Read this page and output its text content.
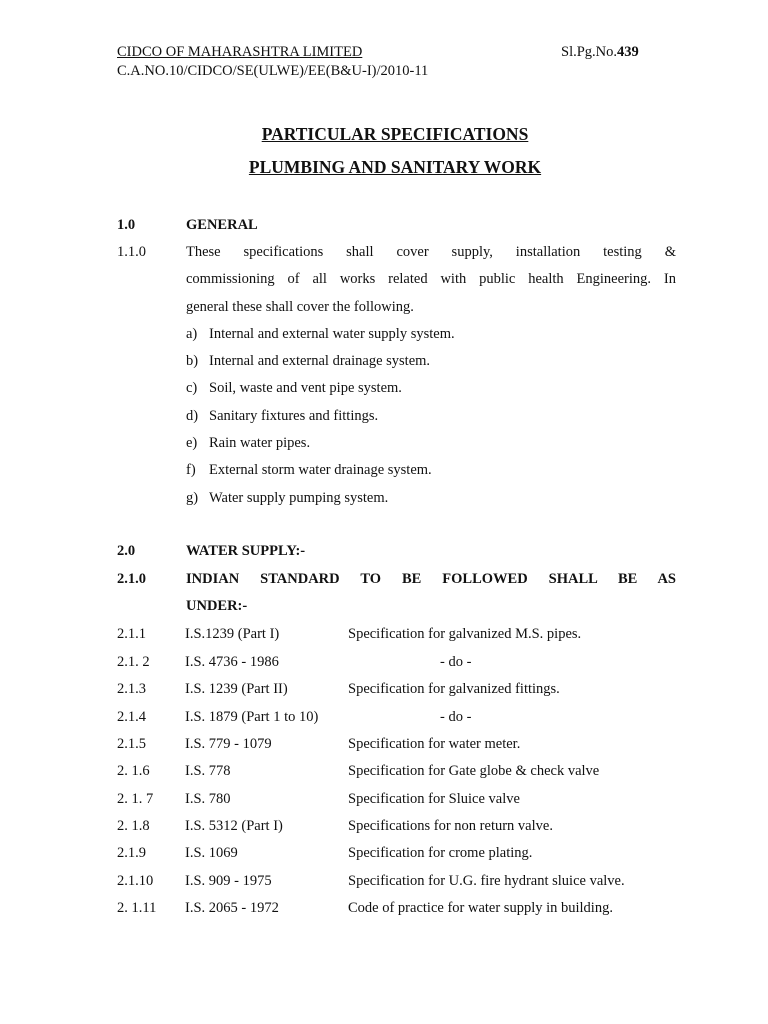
CIDCO OF MAHARASHTRA LIMITED
C.A.NO.10/CIDCO/SE(ULWE)/EE(B&U-I)/2010-11
Sl.Pg.No.439
PARTICULAR SPECIFICATIONS
PLUMBING AND SANITARY WORK
1.0	GENERAL
1.1.0	These specifications shall cover supply, installation testing &
commissioning of all works related with public health Engineering. In
general these shall cover the following.
a) Internal and external water supply system.
b) Internal and external drainage system.
c) Soil, waste and vent pipe system.
d) Sanitary fixtures and fittings.
e) Rain water pipes.
f) External storm water drainage system.
g) Water supply pumping system.
2.0	WATER SUPPLY:-
2.1.0	INDIAN STANDARD TO BE FOLLOWED SHALL BE AS
UNDER:-
2.1.1	I.S.1239 (Part I)	Specification for galvanized M.S. pipes.
2.1. 2 I.S. 4736 - 1986	- do -
2.1.3	I.S. 1239 (Part II)	Specification for galvanized fittings.
2.1.4	I.S. 1879 (Part 1 to 10)	- do -
2.1.5	I.S. 779 - 1079	Specification for water meter.
2. 1.6 I.S. 778	Specification for Gate globe & check valve
2. 1. 7 I.S. 780	Specification for Sluice valve
2. 1.8 I.S. 5312 (Part I)	Specifications for non return valve.
2.1.9	I.S. 1069	Specification for crome plating.
2.1.10 I.S. 909 - 1975	Specification for U.G. fire hydrant sluice valve.
2. 1.11 I.S. 2065 - 1972	Code of practice for water supply in building.
